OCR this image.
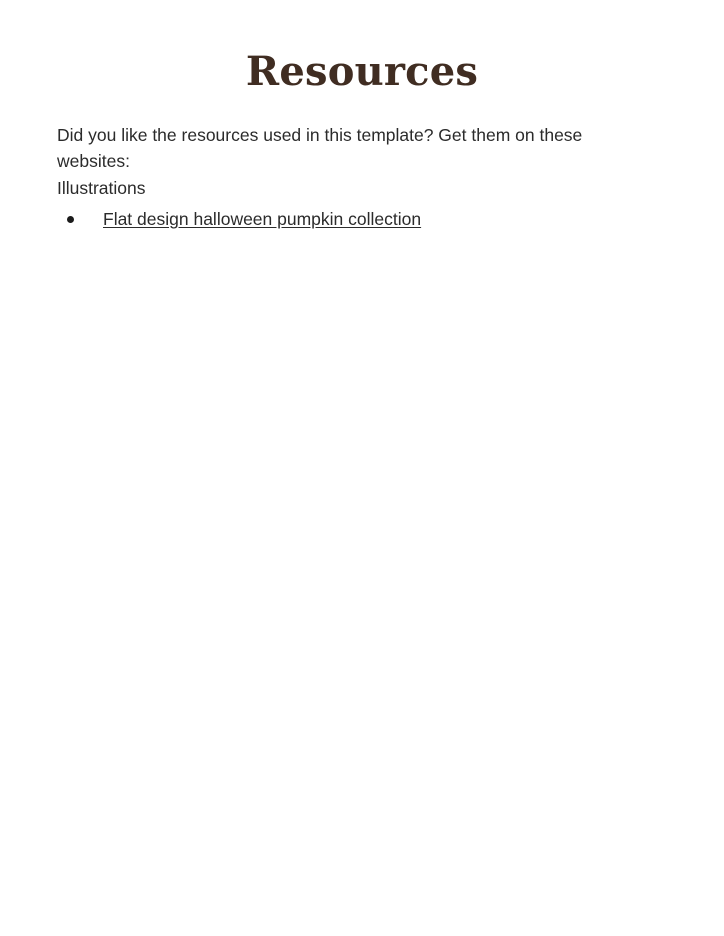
Resources

Did you like the resources used in this template? Get them on these websites:

Illustrations
Flat design halloween pumpkin collection
